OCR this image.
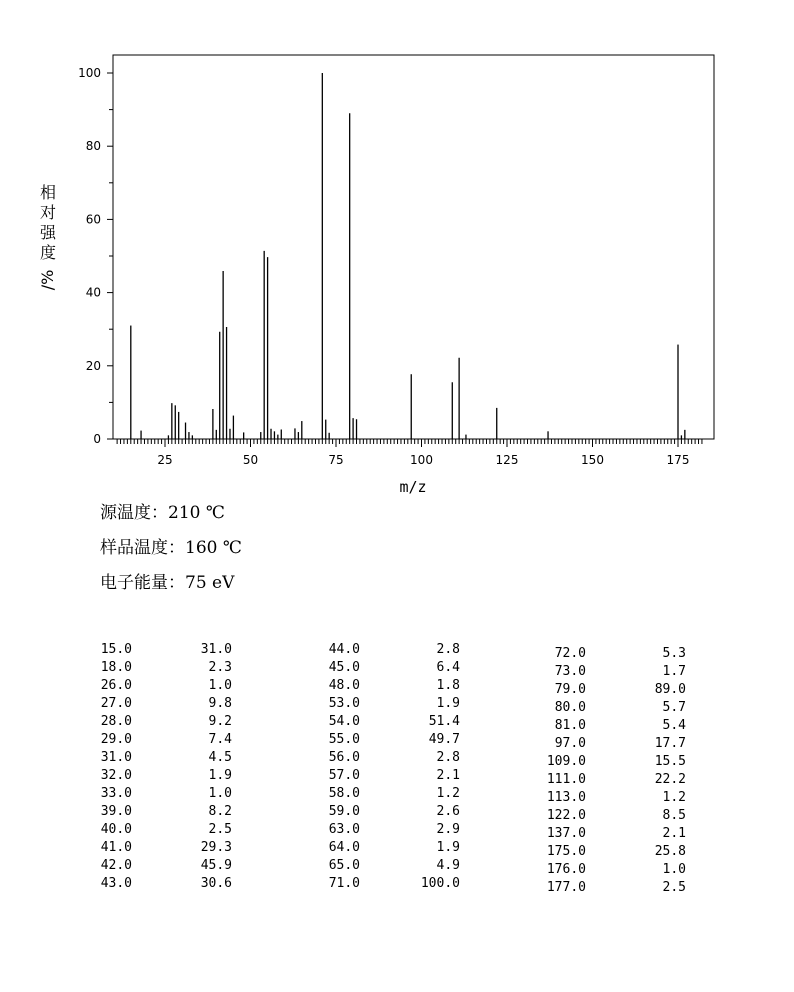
0
20
40
60
80
100
25	50	75	100	125	150	175
m/z
相
对
强
度
/%
源温度：210 ℃
样品温度：160 ℃
电子能量：75 eV
15.0	31.0
18.0	2.3
26.0	1.0
27.0	9.8
28.0	9.2
29.0	7.4
31.0	4.5
32.0	1.9
33.0	1.0
39.0	8.2
40.0	2.5
41.0	29.3
42.0	45.9
43.0	30.6
44.0	2.8
45.0	6.4
48.0	1.8
53.0	1.9
54.0	51.4
55.0	49.7
56.0	2.8
57.0	2.1
58.0	1.2
59.0	2.6
63.0	2.9
64.0	1.9
65.0	4.9
71.0	100.0
72.0	5.3
73.0	1.7
79.0	89.0
80.0	5.7
81.0	5.4
97.0	17.7
109.0	15.5
111.0	22.2
113.0	1.2
122.0	8.5
137.0	2.1
175.0	25.8
176.0	1.0
177.0	2.5
